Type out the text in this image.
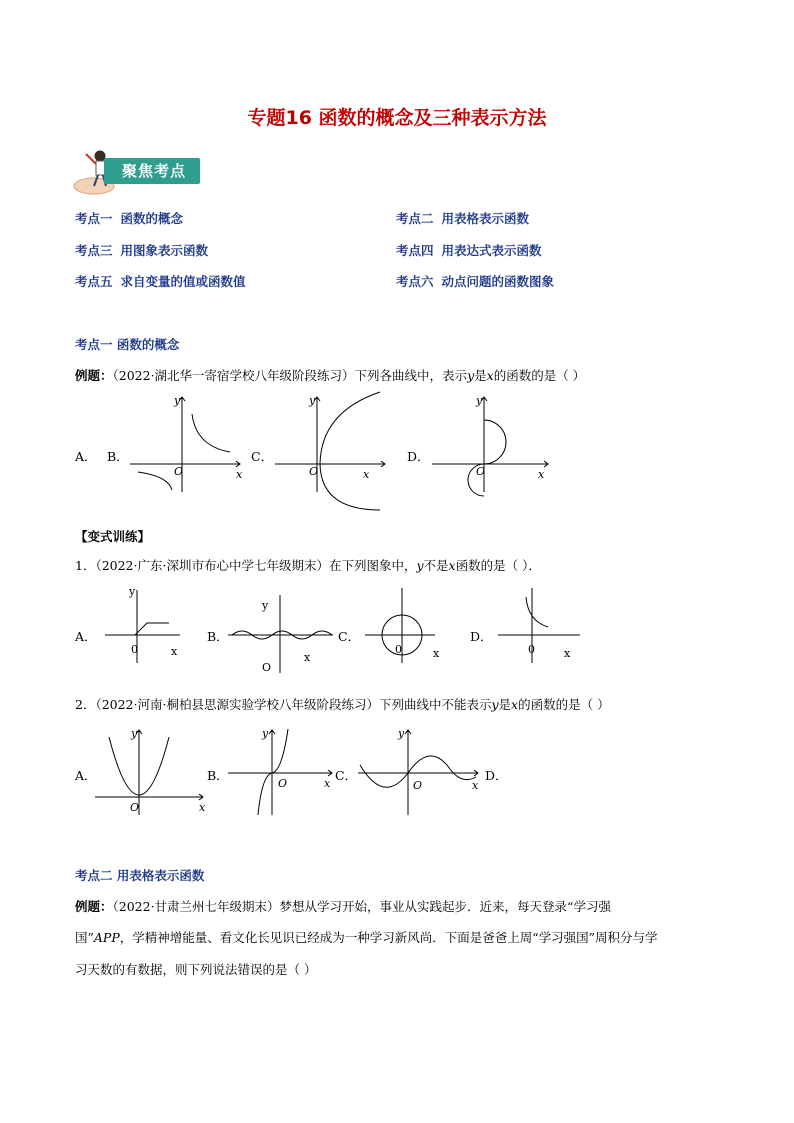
专题16 函数的概念及三种表示方法
聚焦考点
考点一 函数的概念	考点二 用表格表示函数
考点三 用图象表示函数	考点四 用表达式表示函数
考点五 求自变量的值或函数值	考点六 动点问题的函数图象
考点一 函数的概念
例题：（2022·湖北华一寄宿学校八年级阶段练习）下列各曲线中，表示y是x的函数的是（ ）
A． B．	C．	D．
y
x
O
y
x
O
y
x
O
【变式训练】
1．（2022·广东·深圳市布心中学七年级期末）在下列图象中，y不是x函数的是（ ）．
A．	B．	C．	D．
y
x
0
y
x
O
0	x	0	x
2．（2022·河南·桐柏县思源实验学校八年级阶段练习）下列曲线中不能表示y是x的函数的是（ ）
A．	B．	C．	D．
y
x
O
y
x
O
y
x
O
考点二 用表格表示函数
例题：（2022·甘肃兰州七年级期末）梦想从学习开始，事业从实践起步．近来，每天登录“学习强
国”APP，学精神增能量、看文化长见识已经成为一种学习新风尚．下面是爸爸上周“学习强国”周积分与学
习天数的有数据，则下列说法错误的是（ ）
